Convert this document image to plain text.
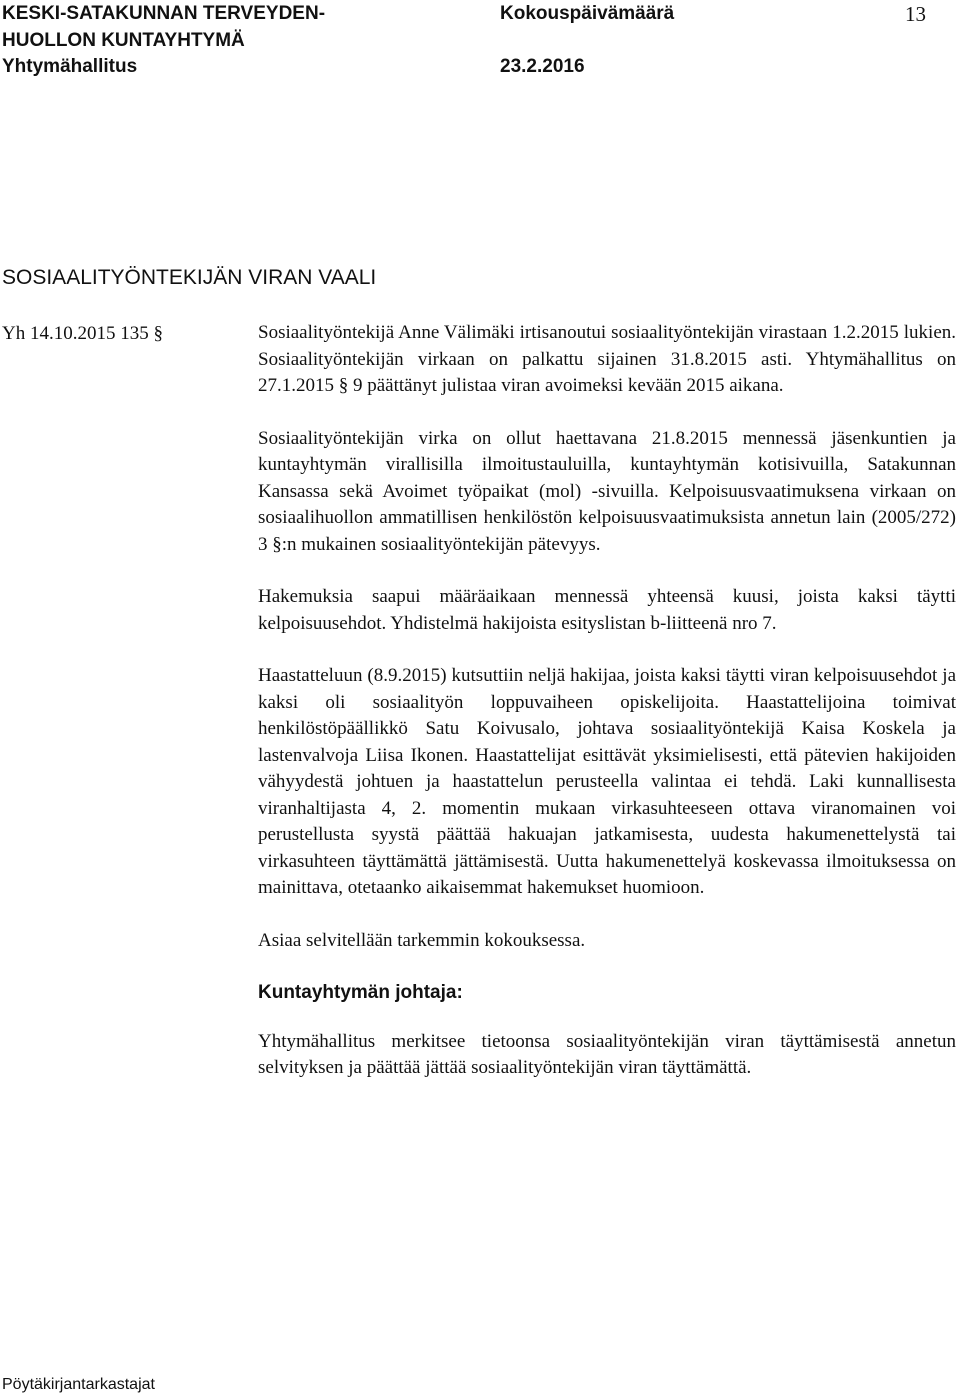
KESKI-SATAKUNNAN TERVEYDEN-
HUOLLON KUNTAYHTYMÄ
Yhtymähallitus
Kokouspäivämäärä
23.2.2016
13
SOSIAALITYÖNTEKIJÄN VIRAN VAALI
Yh 14.10.2015 135 §	Sosiaalityöntekijä Anne Välimäki irtisanoutui sosiaalityöntekijän virastaan 1.2.2015 lukien. Sosiaalityöntekijän virkaan on palkattu sijainen 31.8.2015 asti. Yhtymähallitus on 27.1.2015 § 9 päättänyt julistaa viran avoimeksi kevään 2015 aikana.

Sosiaalityöntekijän virka on ollut haettavana 21.8.2015 mennessä jäsenkuntien ja kuntayhtymän virallisilla ilmoitustauluilla, kuntayhtymän kotisivuilla, Satakunnan Kansassa sekä Avoimet työpaikat (mol) -sivuilla. Kelpoisuusvaatimuksena virkaan on sosiaalihuollon ammatillisen henkilöstön kelpoisuusvaatimuksista annetun lain (2005/272) 3 §:n mukainen sosiaalityöntekijän pätevyys.

Hakemuksia saapui määräaikaan mennessä yhteensä kuusi, joista kaksi täytti kelpoisuusehdot. Yhdistelmä hakijoista esityslistan b-liitteenä nro 7.

Haastatteluun (8.9.2015) kutsuttiin neljä hakijaa, joista kaksi täytti viran kelpoisuusehdot ja kaksi oli sosiaalityön loppuvaiheen opiskelijoita. Haastattelijoina toimivat henkilöstöpäällikkö Satu Koivusalo, johtava sosiaalityöntekijä Kaisa Koskela ja lastenvalvoja Liisa Ikonen. Haastattelijat esittävät yksimielisesti, että pätevien hakijoiden vähyydestä johtuen ja haastattelun perusteella valintaa ei tehdä. Laki kunnallisesta viranhaltijasta 4, 2. momentin mukaan virkasuhteeseen ottava viranomainen voi perustellusta syystä päättää hakuajan jatkamisesta, uudesta hakumenettelystä tai virkasuhteen täyttämättä jättämisestä. Uutta hakumenettelyä koskevassa ilmoituksessa on mainittava, otetaanko aikaisemmat hakemukset huomioon.

Asiaa selvitellään tarkemmin kokouksessa.

Kuntayhtymän johtaja:

Yhtymähallitus merkitsee tietoonsa sosiaalityöntekijän viran täyttämisestä annetun selvityksen ja päättää jättää sosiaalityöntekijän viran täyttämättä.

Pöytäkirjantarkastajat
